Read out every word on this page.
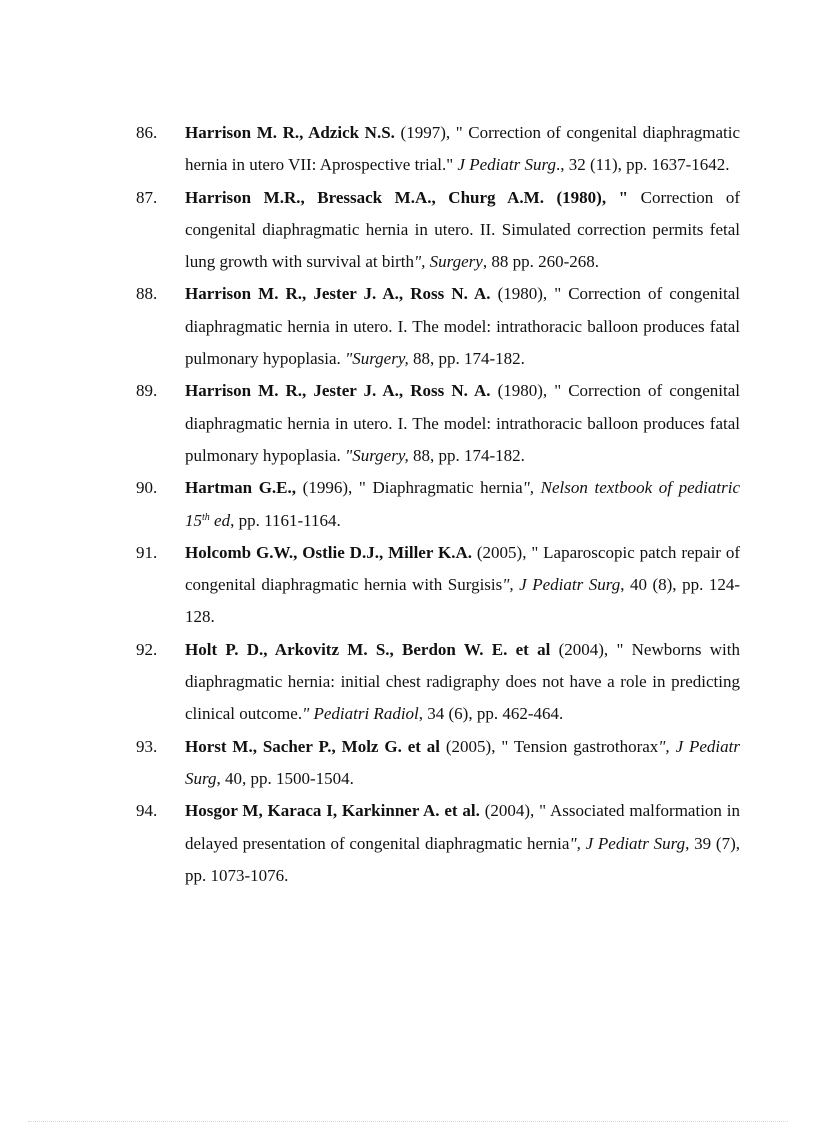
86. Harrison M. R., Adzick N.S. (1997), " Correction of congenital diaphragmatic hernia in utero VII: Aprospective trial." J Pediatr Surg., 32 (11), pp. 1637-1642.
87. Harrison M.R., Bressack M.A., Churg A.M. (1980), " Correction of congenital diaphragmatic hernia in utero. II. Simulated correction permits fetal lung growth with survival at birth", Surgery, 88 pp. 260-268.
88. Harrison M. R., Jester J. A., Ross N. A. (1980), " Correction of congenital diaphragmatic hernia in utero. I. The model: intrathoracic balloon produces fatal pulmonary hypoplasia. "Surgery, 88, pp. 174-182.
89. Harrison M. R., Jester J. A., Ross N. A. (1980), " Correction of congenital diaphragmatic hernia in utero. I. The model: intrathoracic balloon produces fatal pulmonary hypoplasia. "Surgery, 88, pp. 174-182.
90. Hartman G.E., (1996), " Diaphragmatic hernia", Nelson textbook of pediatric 15th ed, pp. 1161-1164.
91. Holcomb G.W., Ostlie D.J., Miller K.A. (2005), " Laparoscopic patch repair of congenital diaphragmatic hernia with Surgisis", J Pediatr Surg, 40 (8), pp. 124-128.
92. Holt P. D., Arkovitz M. S., Berdon W. E. et al (2004), " Newborns with diaphragmatic hernia: initial chest radigraphy does not have a role in predicting clinical outcome." Pediatri Radiol, 34 (6), pp. 462-464.
93. Horst M., Sacher P., Molz G. et al (2005), " Tension gastrothorax", J Pediatr Surg, 40, pp. 1500-1504.
94. Hosgor M, Karaca I, Karkinner A. et al. (2004), " Associated malformation in delayed presentation of congenital diaphragmatic hernia", J Pediatr Surg, 39 (7), pp. 1073-1076.
